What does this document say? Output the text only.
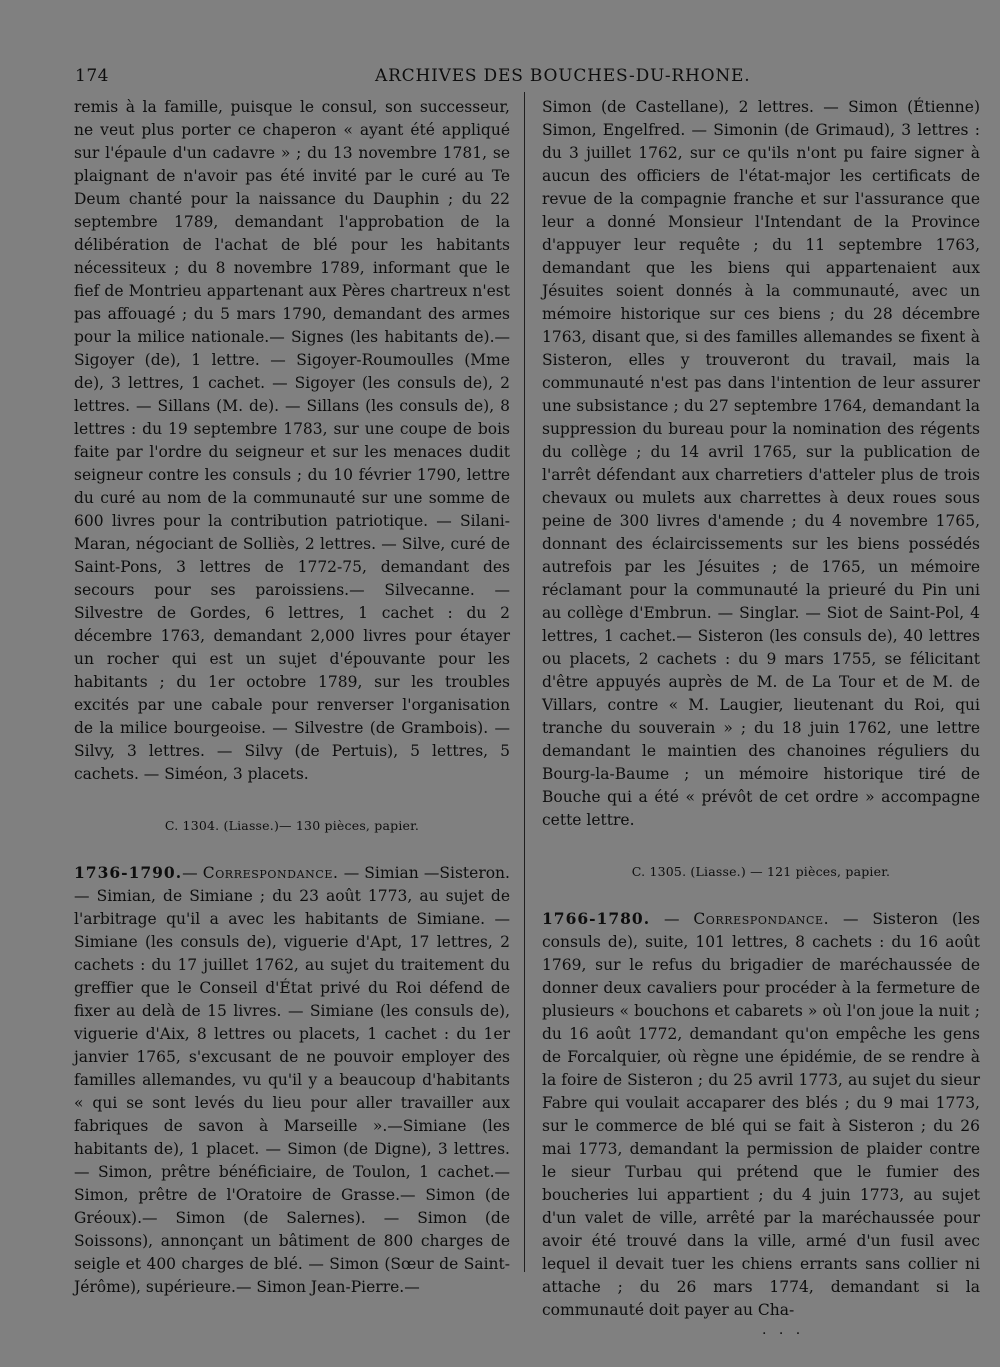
174	ARCHIVES DES BOUCHES-DU-RHONE.

remis à la famille, puisque le consul, son successeur, ne veut plus porter ce chaperon « ayant été appliqué sur l'épaule d'un cadavre » ; du 13 novembre 1781, se plaignant de n'avoir pas été invité par le curé au Te Deum chanté pour la naissance du Dauphin ; du 22 septembre 1789, demandant l'approbation de la délibération de l'achat de blé pour les habitants nécessiteux ; du 8 novembre 1789, informant que le fief de Montrieu appartenant aux Pères chartreux n'est pas affouagé ; du 5 mars 1790, demandant des armes pour la milice nationale.— Signes (les habitants de).— Sigoyer (de), 1 lettre. — Sigoyer-Roumoulles (Mme de), 3 lettres, 1 cachet. — Sigoyer (les consuls de), 2 lettres. — Sillans (M. de). — Sillans (les consuls de), 8 lettres : du 19 septembre 1783, sur une coupe de bois faite par l'ordre du seigneur et sur les menaces dudit seigneur contre les consuls ; du 10 février 1790, lettre du curé au nom de la communauté sur une somme de 600 livres pour la contribution patriotique. — Silani-Maran, négociant de Solliès, 2 lettres. — Silve, curé de Saint-Pons, 3 lettres de 1772-75, demandant des secours pour ses paroissiens.— Silvecanne. — Silvestre de Gordes, 6 lettres, 1 cachet : du 2 décembre 1763, demandant 2,000 livres pour étayer un rocher qui est un sujet d'épouvante pour les habitants ; du 1er octobre 1789, sur les troubles excités par une cabale pour renverser l'organisation de la milice bourgeoise. — Silvestre (de Grambois). — Silvy, 3 lettres. — Silvy (de Pertuis), 5 lettres, 5 cachets. — Siméon, 3 placets.

C. 1304. (Liasse.)— 130 pièces, papier.

1736-1790.— Correspondance. — Simian —Sisteron. — Simian, de Simiane ; du 23 août 1773, au sujet de l'arbitrage qu'il a avec les habitants de Simiane. — Simiane (les consuls de), viguerie d'Apt, 17 lettres, 2 cachets : du 17 juillet 1762, au sujet du traitement du greffier que le Conseil d'État privé du Roi défend de fixer au delà de 15 livres. — Simiane (les consuls de), viguerie d'Aix, 8 lettres ou placets, 1 cachet : du 1er janvier 1765, s'excusant de ne pouvoir employer des familles allemandes, vu qu'il y a beaucoup d'habitants « qui se sont levés du lieu pour aller travailler aux fabriques de savon à Marseille ».—Simiane (les habitants de), 1 placet. — Simon (de Digne), 3 lettres. — Simon, prêtre bénéficiaire, de Toulon, 1 cachet.— Simon, prêtre de l'Oratoire de Grasse.— Simon (de Gréoux).— Simon (de Salernes). — Simon (de Soissons), annonçant un bâtiment de 800 charges de seigle et 400 charges de blé. — Simon (Sœur de Saint-Jérôme), supérieure.— Simon Jean-Pierre.—

Simon (de Castellane), 2 lettres. — Simon (Étienne) Simon, Engelfred. — Simonin (de Grimaud), 3 lettres : du 3 juillet 1762, sur ce qu'ils n'ont pu faire signer à aucun des officiers de l'état-major les certificats de revue de la compagnie franche et sur l'assurance que leur a donné Monsieur l'Intendant de la Province d'appuyer leur requête ; du 11 septembre 1763, demandant que les biens qui appartenaient aux Jésuites soient donnés à la communauté, avec un mémoire historique sur ces biens ; du 28 décembre 1763, disant que, si des familles allemandes se fixent à Sisteron, elles y trouveront du travail, mais la communauté n'est pas dans l'intention de leur assurer une subsistance ; du 27 septembre 1764, demandant la suppression du bureau pour la nomination des régents du collège ; du 14 avril 1765, sur la publication de l'arrêt défendant aux charretiers d'atteler plus de trois chevaux ou mulets aux charrettes à deux roues sous peine de 300 livres d'amende ; du 4 novembre 1765, donnant des éclaircissements sur les biens possédés autrefois par les Jésuites ; de 1765, un mémoire réclamant pour la communauté la prieuré du Pin uni au collège d'Embrun. — Singlar. — Siot de Saint-Pol, 4 lettres, 1 cachet.— Sisteron (les consuls de), 40 lettres ou placets, 2 cachets : du 9 mars 1755, se félicitant d'être appuyés auprès de M. de La Tour et de M. de Villars, contre « M. Laugier, lieutenant du Roi, qui tranche du souverain » ; du 18 juin 1762, une lettre demandant le maintien des chanoines réguliers du Bourg-la-Baume ; un mémoire historique tiré de Bouche qui a été « prévôt de cet ordre » accompagne cette lettre.

C. 1305. (Liasse.) — 121 pièces, papier.

1766-1780. — Correspondance. — Sisteron (les consuls de), suite, 101 lettres, 8 cachets : du 16 août 1769, sur le refus du brigadier de maréchaussée de donner deux cavaliers pour procéder à la fermeture de plusieurs « bouchons et cabarets » où l'on joue la nuit ; du 16 août 1772, demandant qu'on empêche les gens de Forcalquier, où règne une épidémie, de se rendre à la foire de Sisteron ; du 25 avril 1773, au sujet du sieur Fabre qui voulait accaparer des blés ; du 9 mai 1773, sur le commerce de blé qui se fait à Sisteron ; du 26 mai 1773, demandant la permission de plaider contre le sieur Turbau qui prétend que le fumier des boucheries lui appartient ; du 4 juin 1773, au sujet d'un valet de ville, arrêté par la maréchaussée pour avoir été trouvé dans la ville, armé d'un fusil avec lequel il devait tuer les chiens errants sans collier ni attache ; du 26 mars 1774, demandant si la communauté doit payer au Cha-

. . .
